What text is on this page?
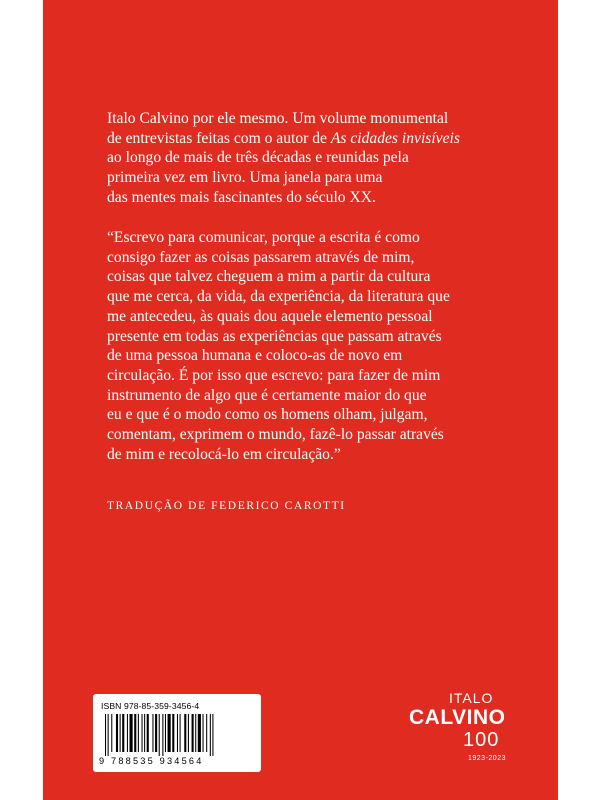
Italo Calvino por ele mesmo. Um volume monumental

de entrevistas feitas com o autor de As cidades invisíveis

ao longo de mais de três décadas e reunidas pela

primeira vez em livro. Uma janela para uma

das mentes mais fascinantes do século XX.

“Escrevo para comunicar, porque a escrita é como

consigo fazer as coisas passarem através de mim,

coisas que talvez cheguem a mim a partir da cultura

que me cerca, da vida, da experiência, da literatura que

me antecedeu, às quais dou aquele elemento pessoal

presente em todas as experiências que passam através

de uma pessoa humana e coloco-as de novo em

circulação. É por isso que escrevo: para fazer de mim

instrumento de algo que é certamente maior do que

eu e que é o modo como os homens olham, julgam,

comentam, exprimem o mundo, fazê-lo passar através

de mim e recolocá-lo em circulação.”

TRADUÇÃO DE FEDERICO CAROTTI
ISBN 978-85-359-3456-4
9 788535 934564
ITALO
CALVINO
100
1923-2023
